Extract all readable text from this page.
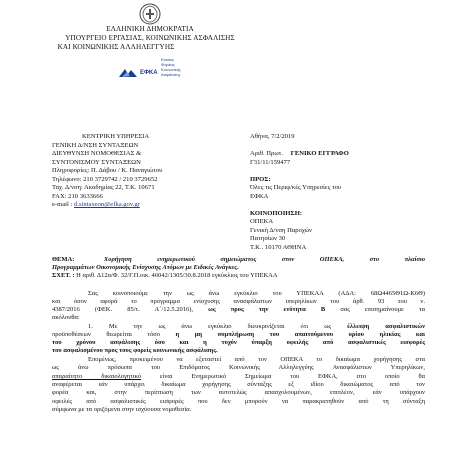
ΕΛΛΗΝΙΚΗ ΔΗΜΟΚΡΑΤΙΑ
ΥΠΟΥΡΓΕΙΟ ΕΡΓΑΣΙΑΣ, ΚΟΙΝΩΝΙΚΗΣ ΑΣΦΑΛΙΣΗΣ
ΚΑΙ ΚΟΙΝΩΝΙΚΗΣ ΑΛΛΗΛΕΓΓΥΗΣ
ΕΦΚΑ
Ενιαίος
Φορέας
Κοινωνικής
Ασφάλισης
ΚΕΝΤΡΙΚΗ ΥΠΗΡΕΣΙΑ
ΓΕΝΙΚΗ Δ/ΝΣΗ ΣΥΝΤΑΞΕΩΝ
ΔΙΕΥΘΥΝΣΗ ΝΟΜΟΘΕΣΙΑΣ &
ΣΥΝΤΟΝΙΣΜΟΥ ΣΥΝΤΑΞΕΩΝ
Πληροφορίες: Π. Δάβου / Κ. Παναγιώτου
Τηλέφωνο: 210 3729742 / 210 3729652
Ταχ. Δ/νση: Ακαδημίας 22, Τ.Κ. 10671
FAX: 210 3633666
e-mail : d.sintaxeon@efka.gov.gr
Αθήνα, 7/2/2019
Αριθ. Πρωτ. ΓΕΝΙΚΟ ΕΓΓΡΑΦΟ
Γ31/11/159477
ΠΡΟΣ:
Όλες τις Περιφ/κές Υπηρεσίες του
ΕΦΚΑ
ΚΟΙΝΟΠΟΙΗΣΗ:
ΟΠΕΚΑ
Γενική Δ/νση Παροχών
Πατησίων 30
Τ.Κ.. 10170 ΑΘΗΝΑ
ΘΕΜΑ:	Χορήγηση ενημερωτικού σημειώματος στον ΟΠΕΚΑ, στο πλαίσιο
Προγραμμάτων Οικονομικής Ενίσχυσης Ατόμων με Ειδικές Ανάγκες.
ΣΧΕΤ. : Η αριθ. Δ12α/Φ. 32/Γ.Π.οικ. 46042/1305/30.8.2018 εγκύκλιος του ΥΠΕΚΑΑ
Σας κοινοποιούμε την ως άνω εγκύκλιο του ΥΠΕΚΑΑ (ΑΔΑ: 68Ω4465Θ1Ω-Κ6Θ)
και όσον αφορά το πρόγραμμα ενίσχυσης ανασφάλιστων υπερηλίκων του άρθ. 93 του ν.
4387/2016 (ΦΕΚ. 85/τ. Α΄/12.5.2016), ως προς την ενότητα Β σας επισημαίνουμε τα
ακόλουθα:
1. Με την ως άνω εγκύκλιο διευκρινίζεται ότι ως έλλειψη ασφαλιστικών
προϋποθέσεων θεωρείται τόσο η μη συμπλήρωση του απαιτούμενου ορίου ηλικίας και
του χρόνου ασφάλισης όσο και η τυχόν ύπαρξη οφειλής από ασφαλιστικές εισφορές
του ασφαλισμένου προς τους φορείς κοινωνικής ασφάλισης.
Επομένως, προκειμένου να εξεταστεί από τον ΟΠΕΚΑ το δικαίωμα χορήγησης στα
ως άνω πρόσωπα του Επιδόματος Κοινωνικής Αλληλεγγύης Ανασφάλιστων Υπερηλίκων,
απαραίτητο δικαιολογητικό είναι Ενημερωτικό Σημείωμα του ΕΦΚΑ, στο οποίο θα
αναφέρεται εάν υπάρχει δικαίωμα χορήγησης σύνταξης εξ ιδίου δικαιώματος από τον
φορέα και, στην περίπτωση των αυτοτελώς απασχολουμένων, επιπλέον, εάν υπάρχουν
οφειλές από ασφαλιστικές εισφορές που δεν μπορούν να παρακρατηθούν από τη σύνταξη
σύμφωνα με τα οριζόμενα στην ισχύουσα νομοθεσία.
